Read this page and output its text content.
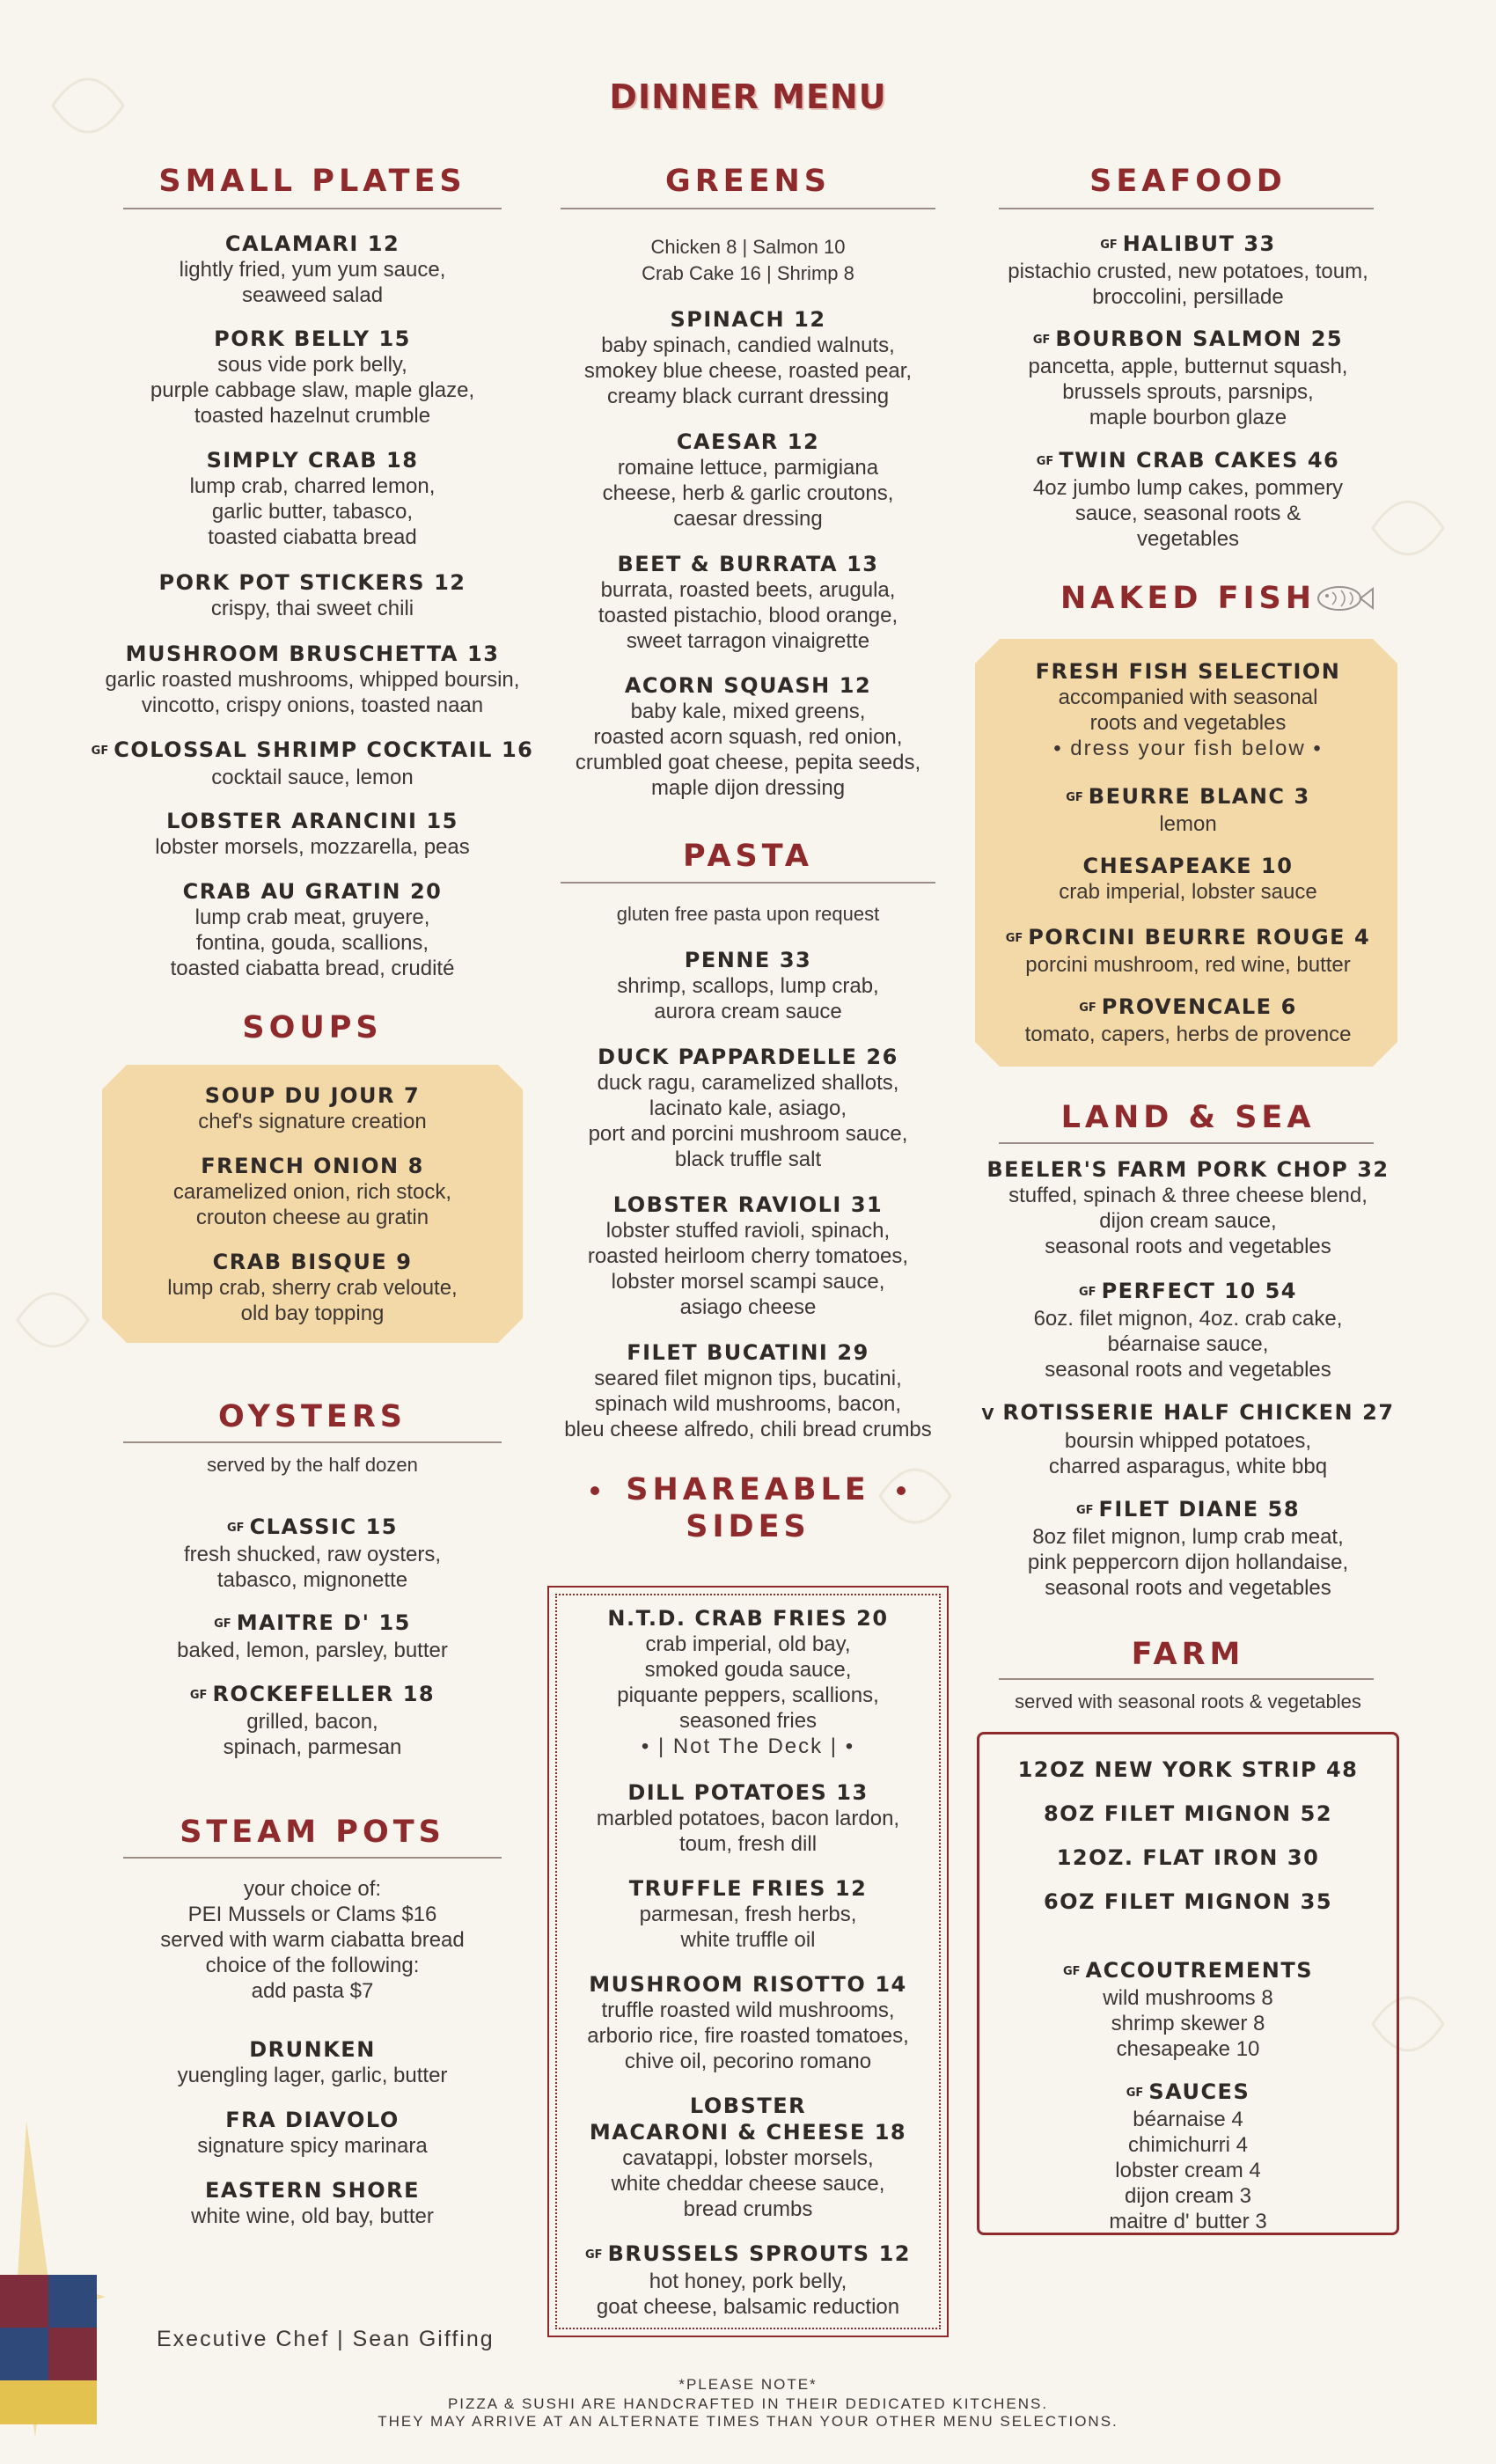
DINNER MENU
SMALL PLATES
CALAMARI 12
lightly fried, yum yum sauce,
seaweed salad
PORK BELLY 15
sous vide pork belly,
purple cabbage slaw, maple glaze,
toasted hazelnut crumble
SIMPLY CRAB 18
lump crab, charred lemon,
garlic butter, tabasco,
toasted ciabatta bread
PORK POT STICKERS 12
crispy, thai sweet chili
MUSHROOM BRUSCHETTA 13
garlic roasted mushrooms, whipped boursin,
vincotto, crispy onions, toasted naan
GF COLOSSAL SHRIMP COCKTAIL 16
cocktail sauce, lemon
LOBSTER ARANCINI 15
lobster morsels, mozzarella, peas
CRAB AU GRATIN 20
lump crab meat, gruyere,
fontina, gouda, scallions,
toasted ciabatta bread, crudité
SOUPS
SOUP DU JOUR 7
chef's signature creation
FRENCH ONION 8
caramelized onion, rich stock,
crouton cheese au gratin
CRAB BISQUE 9
lump crab, sherry crab veloute,
old bay topping
OYSTERS
served by the half dozen
GF CLASSIC 15
fresh shucked, raw oysters,
tabasco, mignonette
GF MAITRE D' 15
baked, lemon, parsley, butter
GF ROCKEFELLER 18
grilled, bacon,
spinach, parmesan
STEAM POTS
your choice of:
PEI Mussels or Clams $16
served with warm ciabatta bread
choice of the following:
add pasta $7
DRUNKEN
yuengling lager, garlic, butter
FRA DIAVOLO
signature spicy marinara
EASTERN SHORE
white wine, old bay, butter
Executive Chef | Sean Giffing
GREENS
Chicken 8 | Salmon 10
Crab Cake 16 | Shrimp 8
SPINACH 12
baby spinach, candied walnuts,
smokey blue cheese, roasted pear,
creamy black currant dressing
CAESAR 12
romaine lettuce, parmigiana
cheese, herb & garlic croutons,
caesar dressing
BEET & BURRATA 13
burrata, roasted beets, arugula,
toasted pistachio, blood orange,
sweet tarragon vinaigrette
ACORN SQUASH 12
baby kale, mixed greens,
roasted acorn squash, red onion,
crumbled goat cheese, pepita seeds,
maple dijon dressing
PASTA
gluten free pasta upon request
PENNE 33
shrimp, scallops, lump crab,
aurora cream sauce
DUCK PAPPARDELLE 26
duck ragu, caramelized shallots,
lacinato kale, asiago,
port and porcini mushroom sauce,
black truffle salt
LOBSTER RAVIOLI 31
lobster stuffed ravioli, spinach,
roasted heirloom cherry tomatoes,
lobster morsel scampi sauce,
asiago cheese
FILET BUCATINI 29
seared filet mignon tips, bucatini,
spinach wild mushrooms, bacon,
bleu cheese alfredo, chili bread crumbs
SHAREABLE
SIDES
N.T.D. CRAB FRIES 20
crab imperial, old bay,
smoked gouda sauce,
piquante peppers, scallions,
seasoned fries
• | Not The Deck | •
DILL POTATOES 13
marbled potatoes, bacon lardon,
toum, fresh dill
TRUFFLE FRIES 12
parmesan, fresh herbs,
white truffle oil
MUSHROOM RISOTTO 14
truffle roasted wild mushrooms,
arborio rice, fire roasted tomatoes,
chive oil, pecorino romano
LOBSTER
MACARONI & CHEESE 18
cavatappi, lobster morsels,
white cheddar cheese sauce,
bread crumbs
GF BRUSSELS SPROUTS 12
hot honey, pork belly,
goat cheese, balsamic reduction
SEAFOOD
GF HALIBUT 33
pistachio crusted, new potatoes, toum,
broccolini, persillade
GF BOURBON SALMON 25
pancetta, apple, butternut squash,
brussels sprouts, parsnips,
maple bourbon glaze
GF TWIN CRAB CAKES 46
4oz jumbo lump cakes, pommery
sauce, seasonal roots &
vegetables
NAKED FISH
FRESH FISH SELECTION
accompanied with seasonal
roots and vegetables
• dress your fish below •
GF BEURRE BLANC 3
lemon
CHESAPEAKE 10
crab imperial, lobster sauce
GF PORCINI BEURRE ROUGE 4
porcini mushroom, red wine, butter
GF PROVENCALE 6
tomato, capers, herbs de provence
LAND & SEA
BEELER'S FARM PORK CHOP 32
stuffed, spinach & three cheese blend,
dijon cream sauce,
seasonal roots and vegetables
GF PERFECT 10 54
6oz. filet mignon, 4oz. crab cake,
béarnaise sauce,
seasonal roots and vegetables
V ROTISSERIE HALF CHICKEN 27
boursin whipped potatoes,
charred asparagus, white bbq
GF FILET DIANE 58
8oz filet mignon, lump crab meat,
pink peppercorn dijon hollandaise,
seasonal roots and vegetables
FARM
served with seasonal roots & vegetables
12OZ NEW YORK STRIP 48
8OZ FILET MIGNON 52
12OZ. FLAT IRON 30
6OZ FILET MIGNON 35
GF ACCOUTREMENTS
wild mushrooms 8
shrimp skewer 8
chesapeake 10
GF SAUCES
béarnaise 4
chimichurri 4
lobster cream 4
dijon cream 3
maitre d' butter 3
*PLEASE NOTE*
PIZZA & SUSHI ARE HANDCRAFTED IN THEIR DEDICATED KITCHENS.
THEY MAY ARRIVE AT AN ALTERNATE TIMES THAN YOUR OTHER MENU SELECTIONS.
